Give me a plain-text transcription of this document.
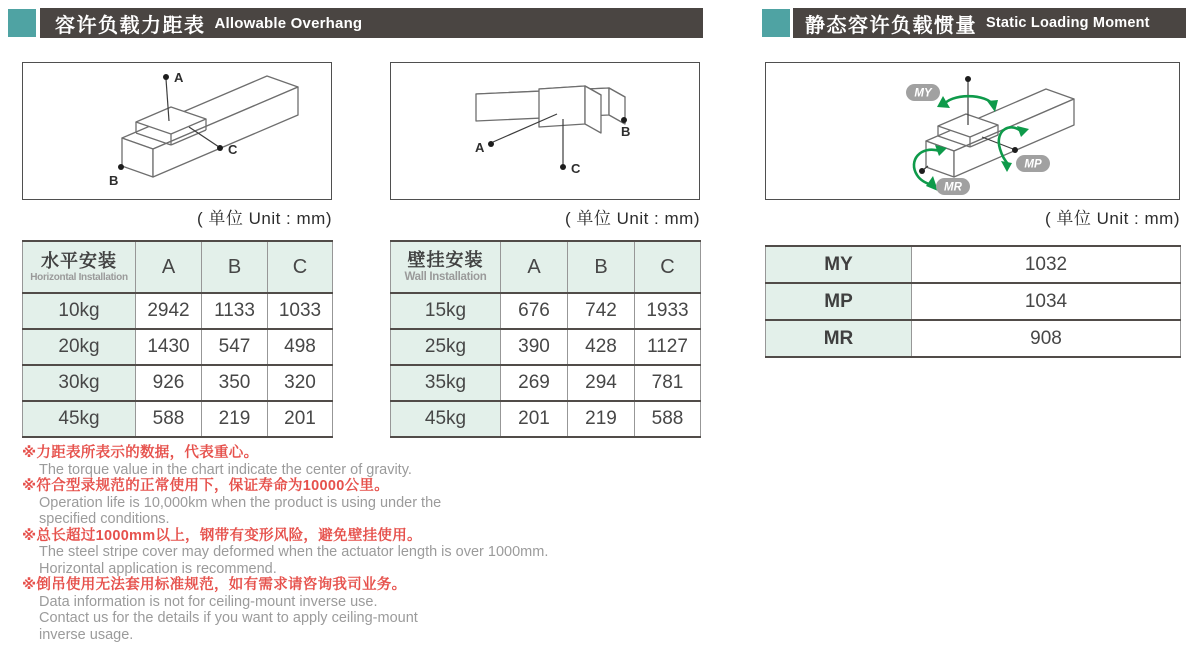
容许负载力距表 Allowable Overhang	静态容许负载惯量 Static Loading Moment
A
B
C
( 单位 Unit : mm)
A
B
C
( 单位 Unit : mm)
MY
MP
MR
( 单位 Unit : mm)
水平安装
Horizontal Installation	A	B	C
10kg	2942	1133	1033
20kg	1430	547	498
30kg	926	350	320
45kg	588	219	201
壁挂安装
Wall Installation	A	B	C
15kg	676	742	1933
25kg	390	428	1127
35kg	269	294	781
45kg	201	219	588
MY	1032
MP	1034
MR	908
※力距表所表示的数据，代表重心。
The torque value in the chart indicate the center of gravity.
※符合型录规范的正常使用下，保证寿命为10000公里。
Operation life is 10,000km when the product is using under the
specified conditions.
※总长超过1000mm以上，钢带有变形风险，避免壁挂使用。
The steel stripe cover may deformed when the actuator length is over 1000mm.
Horizontal application is recommend.
※倒吊使用无法套用标准规范，如有需求请咨询我司业务。
Data information is not for ceiling-mount inverse use.
Contact us for the details if you want to apply ceiling-mount
inverse usage.
